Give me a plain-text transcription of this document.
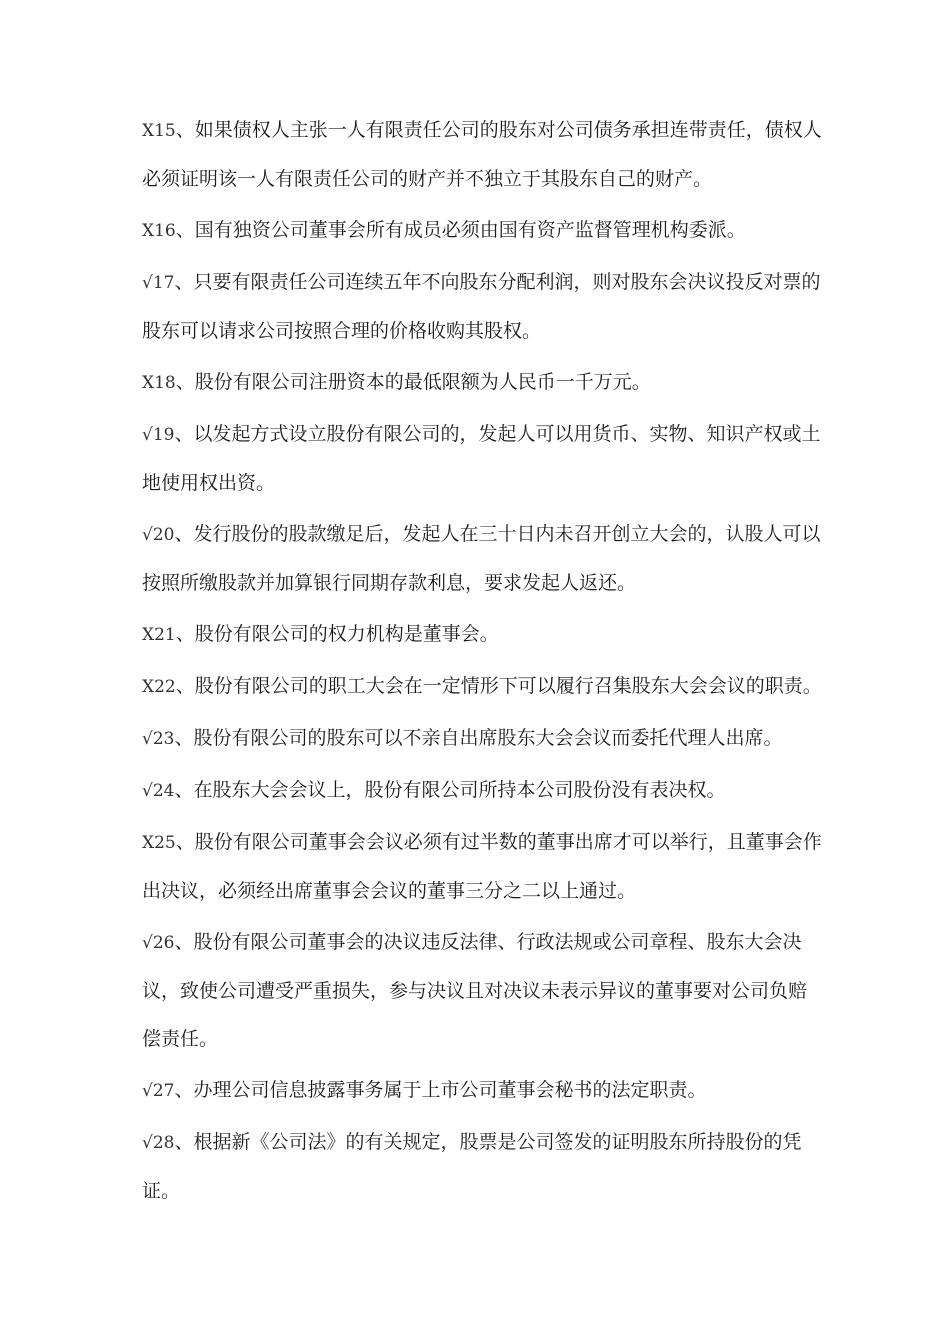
X15、如果债权人主张一人有限责任公司的股东对公司债务承担连带责任，债权人必须证明该一人有限责任公司的财产并不独立于其股东自己的财产。

X16、国有独资公司董事会所有成员必须由国有资产监督管理机构委派。

√17、只要有限责任公司连续五年不向股东分配利润，则对股东会决议投反对票的股东可以请求公司按照合理的价格收购其股权。

X18、股份有限公司注册资本的最低限额为人民币一千万元。

√19、以发起方式设立股份有限公司的，发起人可以用货币、实物、知识产权或土地使用权出资。

√20、发行股份的股款缴足后，发起人在三十日内未召开创立大会的，认股人可以按照所缴股款并加算银行同期存款利息，要求发起人返还。

X21、股份有限公司的权力机构是董事会。

X22、股份有限公司的职工大会在一定情形下可以履行召集股东大会会议的职责。

√23、股份有限公司的股东可以不亲自出席股东大会会议而委托代理人出席。

√24、在股东大会会议上，股份有限公司所持本公司股份没有表决权。

X25、股份有限公司董事会会议必须有过半数的董事出席才可以举行，且董事会作出决议，必须经出席董事会会议的董事三分之二以上通过。

√26、股份有限公司董事会的决议违反法律、行政法规或公司章程、股东大会决议，致使公司遭受严重损失，参与决议且对决议未表示异议的董事要对公司负赔偿责任。

√27、办理公司信息披露事务属于上市公司董事会秘书的法定职责。

√28、根据新《公司法》的有关规定，股票是公司签发的证明股东所持股份的凭证。
